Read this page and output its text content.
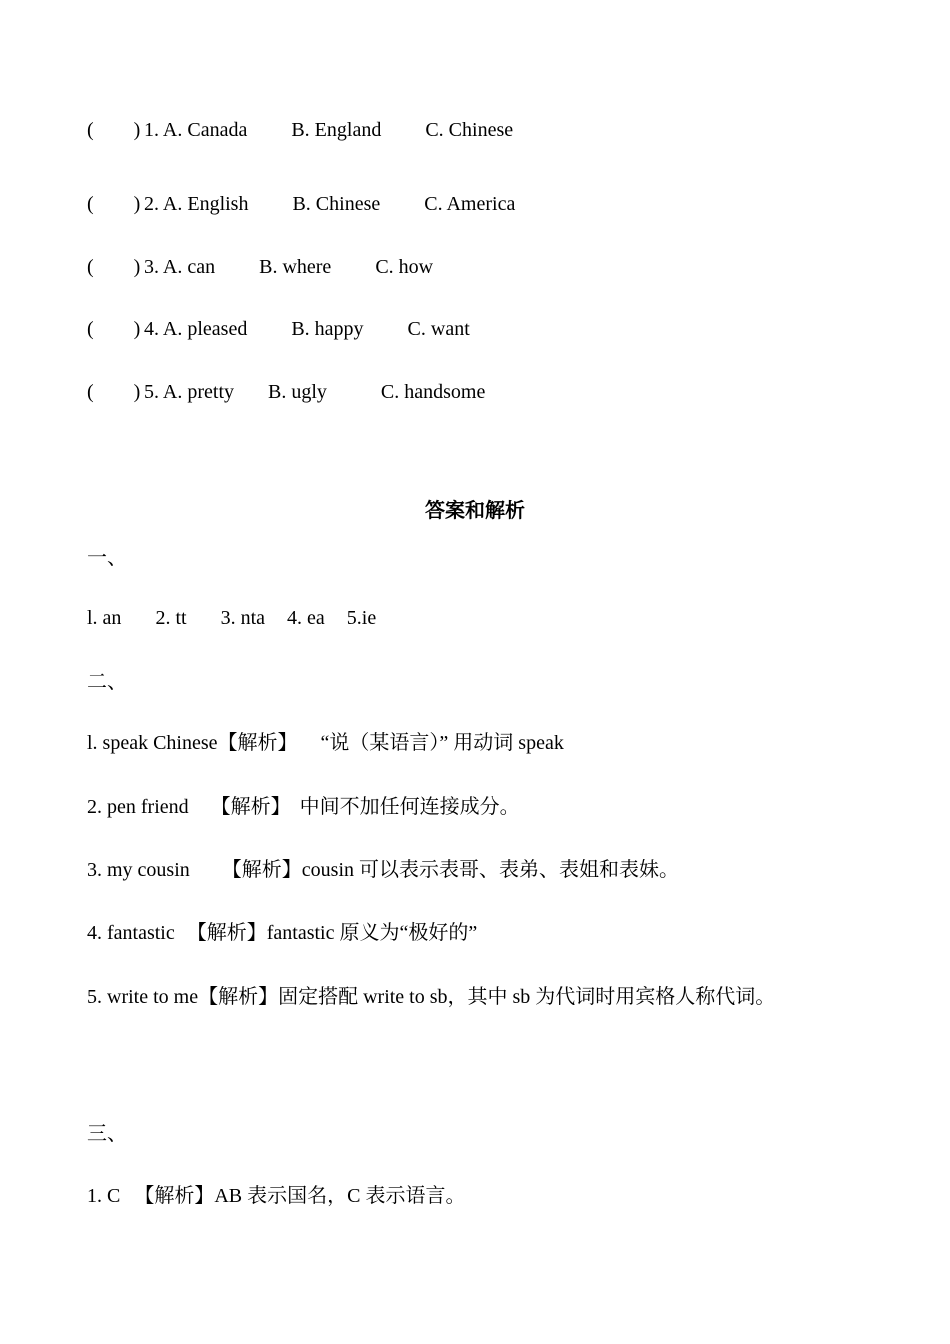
(　　) 1. A. Canada B. England C. Chinese
(　　) 2. A. English B. Chinese C. America
(　　) 3. A. can B. where C. how
(　　) 4. A. pleased B. happy C. want
(　　) 5. A. pretty B. ugly	C. handsome
答案和解析
一、
l. an 2. tt 3. nta 4. ea 5.ie
二、
l. speak Chinese【解析】 “说（某语言）” 用动词 speak
2. pen friend 【解析】 中间不加任何连接成分。
3. my cousin 【解析】cousin 可以表示表哥、表弟、表姐和表妹。
4. fantastic 【解析】fantastic 原义为“极好的”
5. write to me【解析】固定搭配 write to sb，其中 sb 为代词时用宾格人称代词。
三、
1. C 【解析】AB 表示国名，C 表示语言。
